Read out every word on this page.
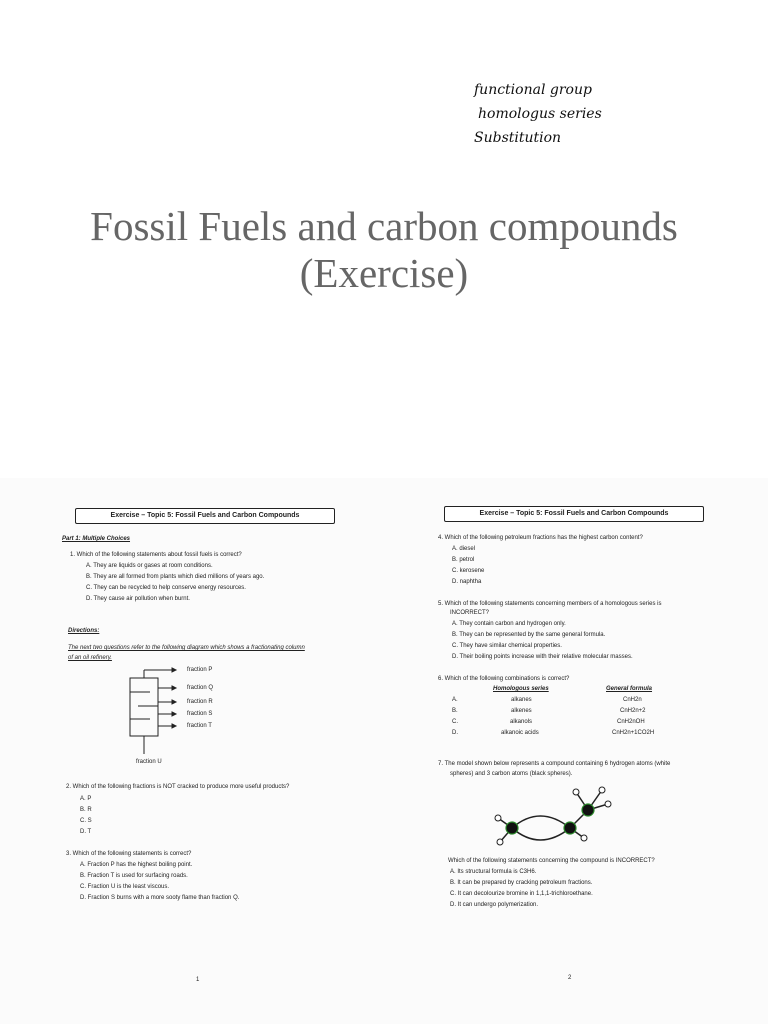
functional group
homologus series
Substitution
Fossil Fuels and carbon compounds
(Exercise)
Exercise – Topic 5: Fossil Fuels and Carbon Compounds
Part 1: Multiple Choices
1. Which of the following statements about fossil fuels is correct?
A. They are liquids or gases at room conditions.
B. They are all formed from plants which died millions of years ago.
C. They can be recycled to help conserve energy resources.
D. They cause air pollution when burnt.
Directions:
The next two questions refer to the following diagram which shows a fractionating column
of an oil refinery.
fraction P
fraction Q
fraction R
fraction S
fraction T
fraction U
2. Which of the following fractions is NOT cracked to produce more useful products?
A. P
B. R
C. S
D. T
3. Which of the following statements is correct?
A. Fraction P has the highest boiling point.
B. Fraction T is used for surfacing roads.
C. Fraction U is the least viscous.
D. Fraction S burns with a more sooty flame than fraction Q.
1
Exercise – Topic 5: Fossil Fuels and Carbon Compounds
4. Which of the following petroleum fractions has the highest carbon content?
A. diesel
B. petrol
C. kerosene
D. naphtha
5. Which of the following statements concerning members of a homologous series is
INCORRECT?
A. They contain carbon and hydrogen only.
B. They can be represented by the same general formula.
C. They have similar chemical properties.
D. Their boiling points increase with their relative molecular masses.
6. Which of the following combinations is correct?
Homologous series	General formula
A.	alkanes	CnH2n
B.	alkenes	CnH2n+2
C.	alkanols	CnH2nOH
D.	alkanoic acids	CnH2n+1CO2H
7. The model shown below represents a compound containing 6 hydrogen atoms (white
spheres) and 3 carbon atoms (black spheres).
Which of the following statements concerning the compound is INCORRECT?
A. Its structural formula is C3H6.
B. It can be prepared by cracking petroleum fractions.
C. It can decolourize bromine in 1,1,1-trichloroethane.
D. It can undergo polymerization.
2
